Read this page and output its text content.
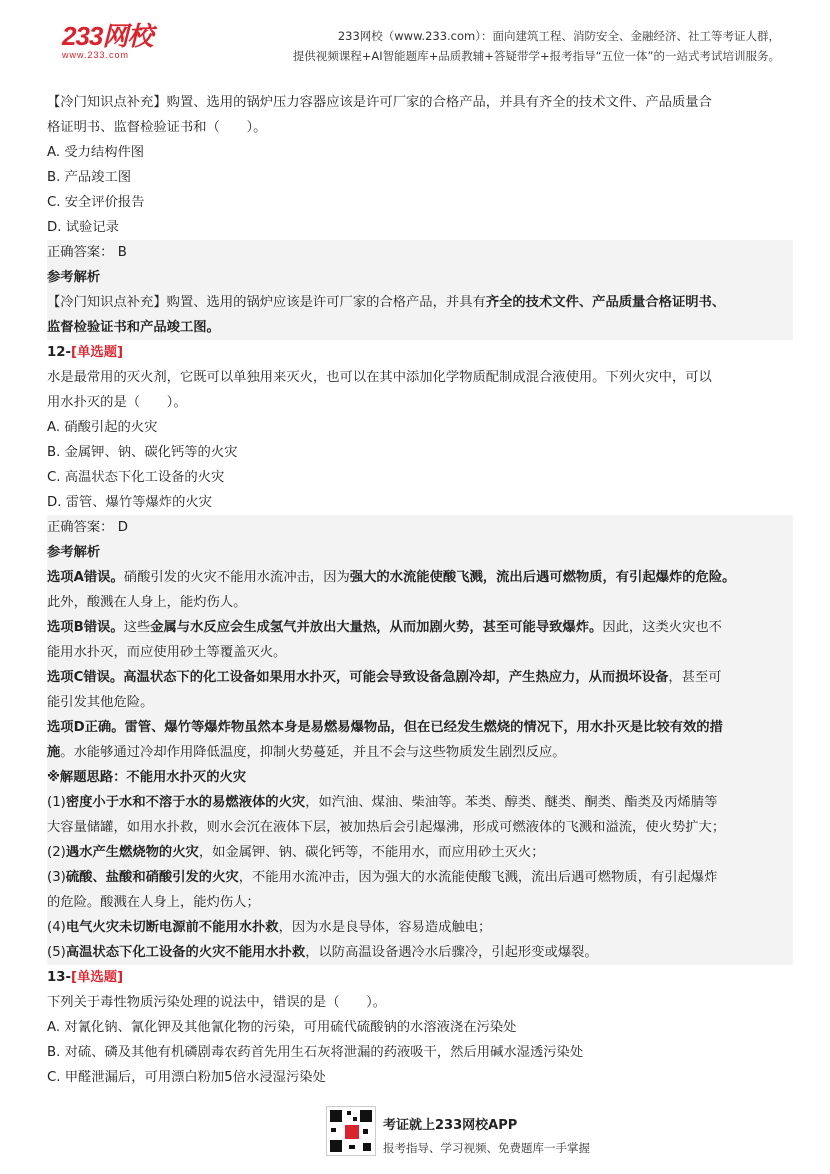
233网校
www.233.com
233网校（www.233.com）：面向建筑工程、消防安全、金融经济、社工等考证人群，
提供视频课程+AI智能题库+品质教辅+答疑带学+报考指导“五位一体”的一站式考试培训服务。
【冷门知识点补充】购置、选用的锅炉压力容器应该是许可厂家的合格产品，并具有齐全的技术文件、产品质量合
格证明书、监督检验证书和（　　）。
A. 受力结构件图
B. 产品竣工图
C. 安全评价报告
D. 试验记录
正确答案： B
参考解析
【冷门知识点补充】购置、选用的锅炉应该是许可厂家的合格产品，并具有齐全的技术文件、产品质量合格证明书、
监督检验证书和产品竣工图。
12-[单选题]
水是最常用的灭火剂，它既可以单独用来灭火，也可以在其中添加化学物质配制成混合液使用。下列火灾中，可以
用水扑灭的是（　　）。
A. 硝酸引起的火灾
B. 金属钾、钠、碳化钙等的火灾
C. 高温状态下化工设备的火灾
D. 雷管、爆竹等爆炸的火灾
正确答案： D
参考解析
选项A错误。硝酸引发的火灾不能用水流冲击，因为强大的水流能使酸飞溅，流出后遇可燃物质，有引起爆炸的危险。
此外，酸溅在人身上，能灼伤人。
选项B错误。这些金属与水反应会生成氢气并放出大量热，从而加剧火势，甚至可能导致爆炸。因此，这类火灾也不
能用水扑灭，而应使用砂土等覆盖灭火。
选项C错误。高温状态下的化工设备如果用水扑灭，可能会导致设备急剧冷却，产生热应力，从而损坏设备，甚至可
能引发其他危险。
选项D正确。雷管、爆竹等爆炸物虽然本身是易燃易爆物品，但在已经发生燃烧的情况下，用水扑灭是比较有效的措
施。水能够通过冷却作用降低温度，抑制火势蔓延，并且不会与这些物质发生剧烈反应。
※解题思路：不能用水扑灭的火灾
(1)密度小于水和不溶于水的易燃液体的火灾，如汽油、煤油、柴油等。苯类、醇类、醚类、酮类、酯类及丙烯腈等
大容量储罐，如用水扑救，则水会沉在液体下层，被加热后会引起爆沸，形成可燃液体的飞溅和溢流，使火势扩大；
(2)遇水产生燃烧物的火灾，如金属钾、钠、碳化钙等，不能用水，而应用砂土灭火；
(3)硫酸、盐酸和硝酸引发的火灾，不能用水流冲击，因为强大的水流能使酸飞溅，流出后遇可燃物质，有引起爆炸
的危险。酸溅在人身上，能灼伤人；
(4)电气火灾未切断电源前不能用水扑救，因为水是良导体，容易造成触电；
(5)高温状态下化工设备的火灾不能用水扑救，以防高温设备遇冷水后骤冷，引起形变或爆裂。
13-[单选题]
下列关于毒性物质污染处理的说法中，错误的是（　　）。
A. 对氰化钠、氰化钾及其他氰化物的污染，可用硫代硫酸钠的水溶液浇在污染处
B. 对硫、磷及其他有机磷剧毒农药首先用生石灰将泄漏的药液吸干，然后用碱水湿透污染处
C. 甲醛泄漏后，可用漂白粉加5倍水浸湿污染处
考证就上233网校APP
报考指导、学习视频、免费题库一手掌握
